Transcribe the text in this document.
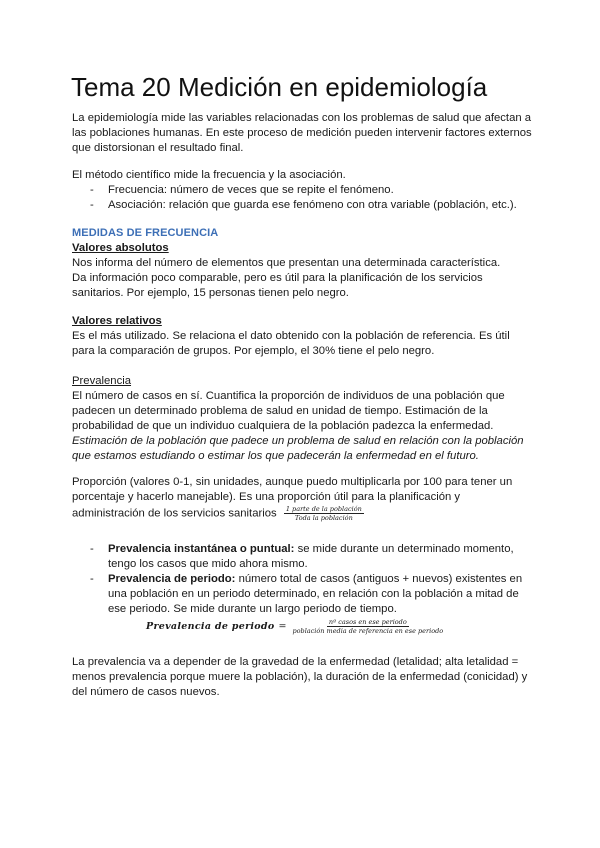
Tema 20 Medición en epidemiología

La epidemiología mide las variables relacionadas con los problemas de salud que afectan a las poblaciones humanas. En este proceso de medición pueden intervenir factores externos que distorsionan el resultado final.

El método científico mide la frecuencia y la asociación.

- Frecuencia: número de veces que se repite el fenómeno.
- Asociación: relación que guarda ese fenómeno con otra variable (población, etc.).

MEDIDAS DE FRECUENCIA

Valores absolutos

Nos informa del número de elementos que presentan una determinada característica.

Da información poco comparable, pero es útil para la planificación de los servicios sanitarios. Por ejemplo, 15 personas tienen pelo negro.

Valores relativos

Es el más utilizado. Se relaciona el dato obtenido con la población de referencia. Es útil para la comparación de grupos. Por ejemplo, el 30% tiene el pelo negro.

Prevalencia

El número de casos en sí. Cuantifica la proporción de individuos de una población que padecen un determinado problema de salud en unidad de tiempo. Estimación de la probabilidad de que un individuo cualquiera de la población padezca la enfermedad.

Estimación de la población que padece un problema de salud en relación con la población que estamos estudiando o estimar los que padecerán la enfermedad en el futuro.

Proporción (valores 0-1, sin unidades, aunque puedo multiplicarla por 100 para tener un porcentaje y hacerlo manejable). Es una proporción útil para la planificación y administración de los servicios sanitarios $\frac{\text{1 parte de la población}}{\text{Toda la población}}$

- Prevalencia instantánea o puntual: se mide durante un determinado momento, tengo los casos que mido ahora mismo.
- Prevalencia de periodo: número total de casos (antiguos + nuevos) existentes en una población en un periodo determinado, en relación con la población a mitad de ese periodo. Se mide durante un largo periodo de tiempo.
Prevalencia de periodo = $\frac{\text{nº casos en ese periodo}}{\text{población media de referencia en ese periodo}}$

La prevalencia va a depender de la gravedad de la enfermedad (letalidad; alta letalidad = menos prevalencia porque muere la población), la duración de la enfermedad (conicidad) y del número de casos nuevos.
